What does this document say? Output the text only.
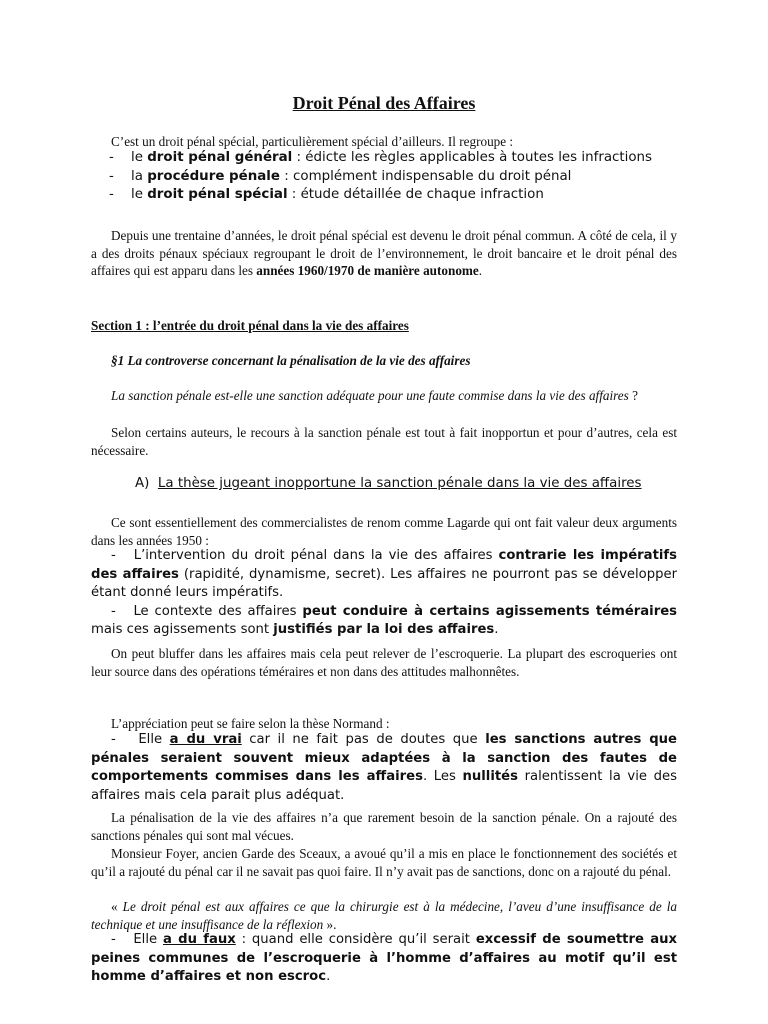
Droit Pénal des Affaires

C’est un droit pénal spécial, particulièrement spécial d’ailleurs. Il regroupe :

-	le droit pénal général : édicte les règles applicables à toutes les infractions
-	la procédure pénale : complément indispensable du droit pénal
-	le droit pénal spécial : étude détaillée de chaque infraction
Depuis une trentaine d’années, le droit pénal spécial est devenu le droit pénal commun. A côté de cela, il y a des droits pénaux spéciaux regroupant le droit de l’environnement, le droit bancaire et le droit pénal des affaires qui est apparu dans les années 1960/1970 de manière autonome.
Section 1 : l’entrée du droit pénal dans la vie des affaires
§1 La controverse concernant la pénalisation de la vie des affaires
La sanction pénale est-elle une sanction adéquate pour une faute commise dans la vie des affaires ?
Selon certains auteurs, le recours à la sanction pénale est tout à fait inopportun et pour d’autres, cela est nécessaire.
A) La thèse jugeant inopportune la sanction pénale dans la vie des affaires
Ce sont essentiellement des commercialistes de renom comme Lagarde qui ont fait valeur deux arguments dans les années 1950 :

- L’intervention du droit pénal dans la vie des affaires contrarie les impératifs des affaires (rapidité, dynamisme, secret). Les affaires ne pourront pas se développer étant donné leurs impératifs.

- Le contexte des affaires peut conduire à certains agissements téméraires mais ces agissements sont justifiés par la loi des affaires.

On peut bluffer dans les affaires mais cela peut relever de l’escroquerie. La plupart des escroqueries ont leur source dans des opérations téméraires et non dans des attitudes malhonnêtes.
L’appréciation peut se faire selon la thèse Normand :

- Elle a du vrai car il ne fait pas de doutes que les sanctions autres que pénales seraient souvent mieux adaptées à la sanction des fautes de comportements commises dans les affaires. Les nullités ralentissent la vie des affaires mais cela parait plus adéquat.

La pénalisation de la vie des affaires n’a que rarement besoin de la sanction pénale. On a rajouté des sanctions pénales qui sont mal vécues.
Monsieur Foyer, ancien Garde des Sceaux, a avoué qu’il a mis en place le fonctionnement des sociétés et qu’il a rajouté du pénal car il ne savait pas quoi faire. Il n’y avait pas de sanctions, donc on a rajouté du pénal.
« Le droit pénal est aux affaires ce que la chirurgie est à la médecine, l’aveu d’une insuffisance de la technique et une insuffisance de la réflexion ».

- Elle a du faux : quand elle considère qu’il serait excessif de soumettre aux peines communes de l’escroquerie à l’homme d’affaires au motif qu’il est homme d’affaires et non escroc.
